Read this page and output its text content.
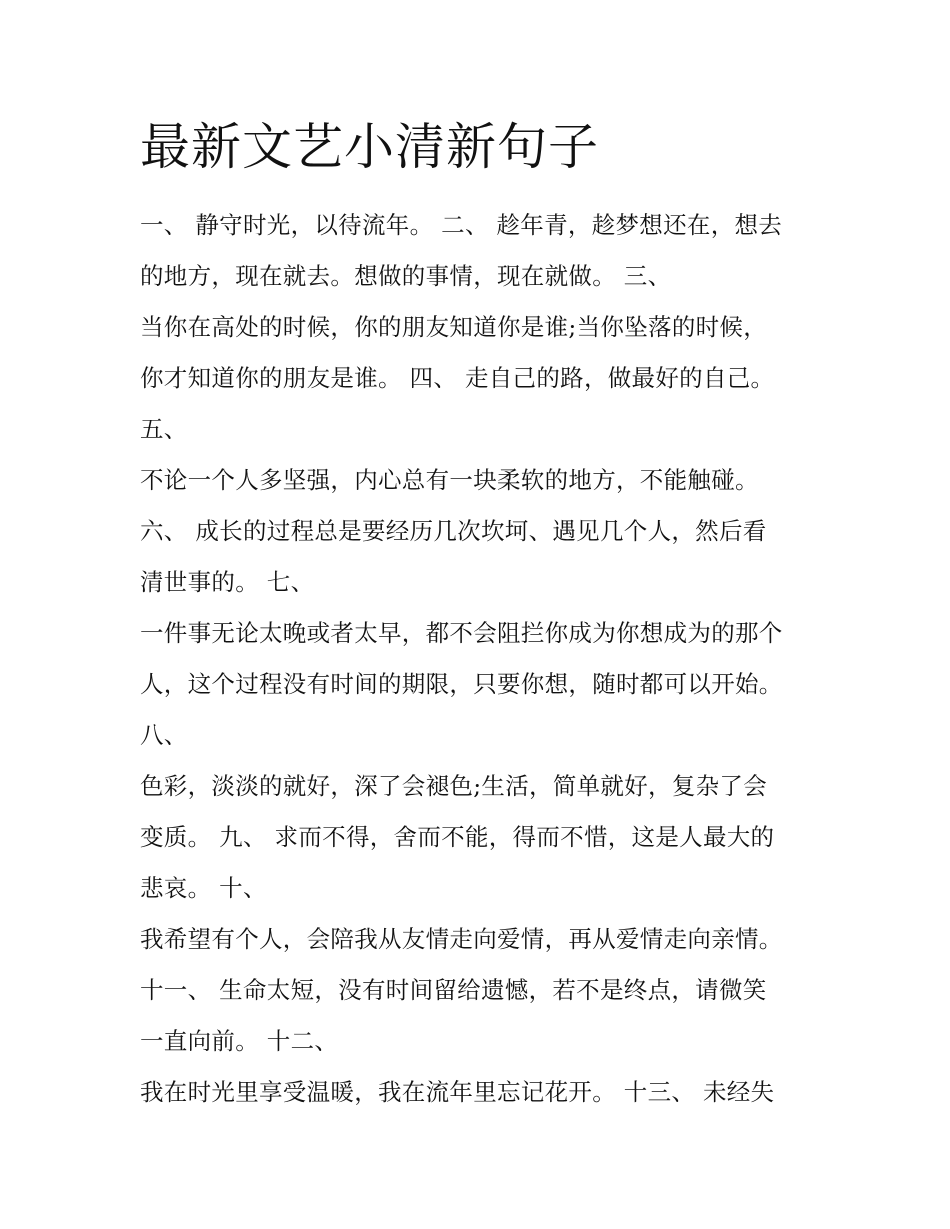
最新文艺小清新句子
一、 静守时光，以待流年。 二、 趁年青，趁梦想还在，想去
的地方，现在就去。想做的事情，现在就做。 三、
当你在高处的时候，你的朋友知道你是谁;当你坠落的时候，
你才知道你的朋友是谁。 四、 走自己的路，做最好的自己。
五、
不论一个人多坚强，内心总有一块柔软的地方，不能触碰。
六、 成长的过程总是要经历几次坎坷、遇见几个人，然后看
清世事的。 七、
一件事无论太晚或者太早，都不会阻拦你成为你想成为的那个
人，这个过程没有时间的期限，只要你想，随时都可以开始。
八、
色彩，淡淡的就好，深了会褪色;生活，简单就好，复杂了会
变质。 九、 求而不得，舍而不能，得而不惜，这是人最大的
悲哀。 十、
我希望有个人，会陪我从友情走向爱情，再从爱情走向亲情。
十一、 生命太短，没有时间留给遗憾，若不是终点，请微笑
一直向前。 十二、
我在时光里享受温暖，我在流年里忘记花开。 十三、 未经失
